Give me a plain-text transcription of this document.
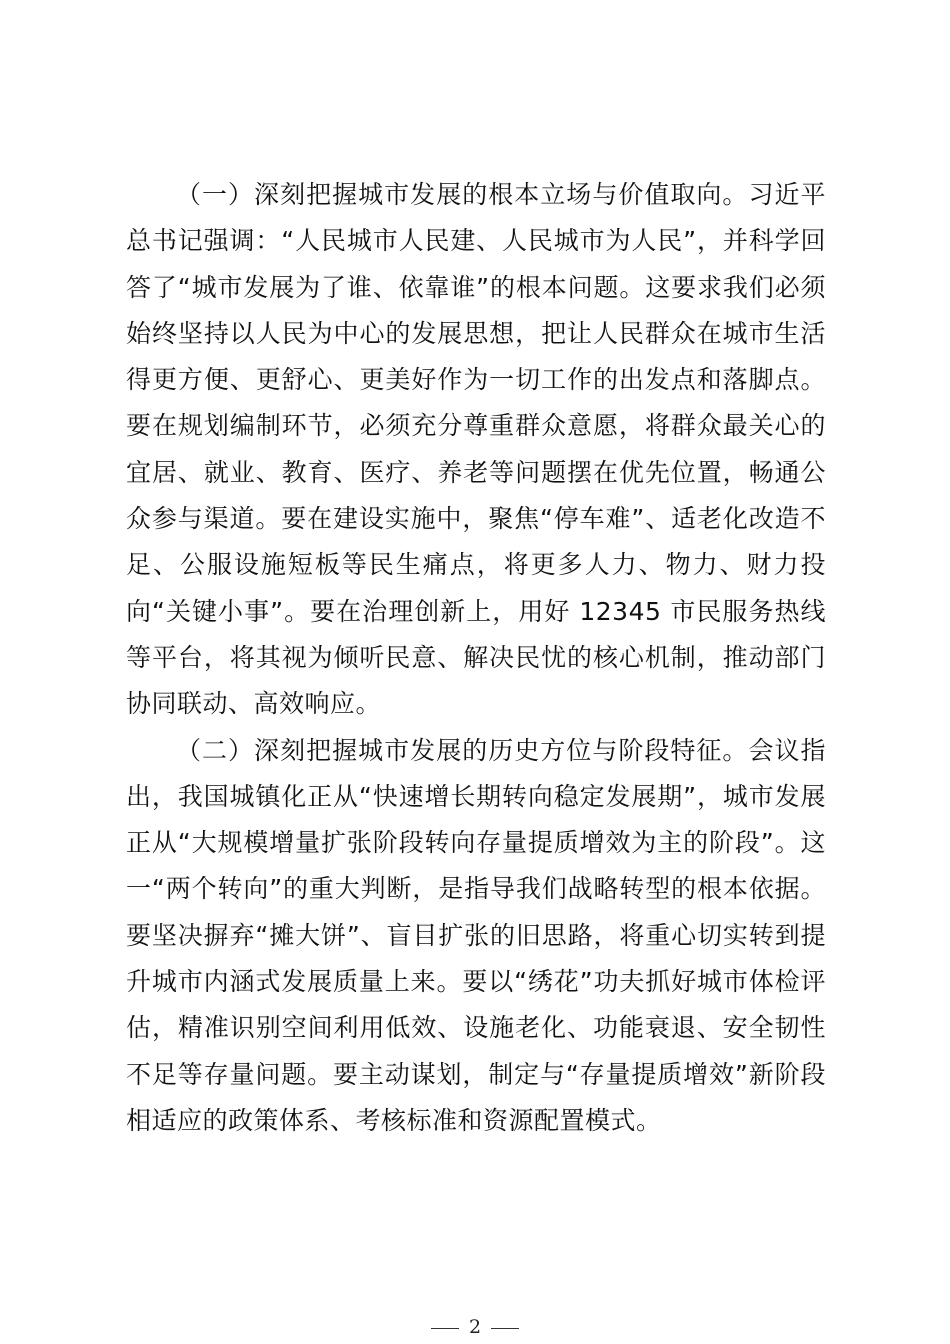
（一）深刻把握城市发展的根本立场与价值取向。习近平总书记强调：“人民城市人民建、人民城市为人民”，并科学回答了“城市发展为了谁、依靠谁”的根本问题。这要求我们必须始终坚持以人民为中心的发展思想，把让人民群众在城市生活得更方便、更舒心、更美好作为一切工作的出发点和落脚点。要在规划编制环节，必须充分尊重群众意愿，将群众最关心的宜居、就业、教育、医疗、养老等问题摆在优先位置，畅通公众参与渠道。要在建设实施中，聚焦“停车难”、适老化改造不足、公服设施短板等民生痛点，将更多人力、物力、财力投向“关键小事”。要在治理创新上，用好 12345 市民服务热线等平台，将其视为倾听民意、解决民忧的核心机制，推动部门协同联动、高效响应。

（二）深刻把握城市发展的历史方位与阶段特征。会议指出，我国城镇化正从“快速增长期转向稳定发展期”，城市发展正从“大规模增量扩张阶段转向存量提质增效为主的阶段”。这一“两个转向”的重大判断，是指导我们战略转型的根本依据。要坚决摒弃“摊大饼”、盲目扩张的旧思路，将重心切实转到提升城市内涵式发展质量上来。要以“绣花”功夫抓好城市体检评估，精准识别空间利用低效、设施老化、功能衰退、安全韧性不足等存量问题。要主动谋划，制定与“存量提质增效”新阶段相适应的政策体系、考核标准和资源配置模式。

2
